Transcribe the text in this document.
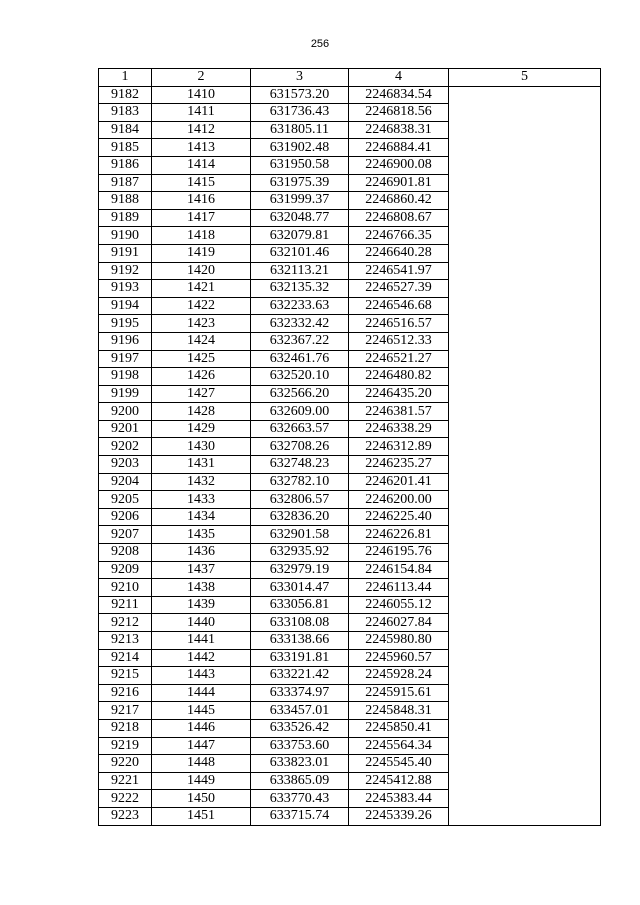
256
1	2	3	4	5
9182	1410	631573.20	2246834.54	
9183	1411	631736.43	2246818.56	
9184	1412	631805.11	2246838.31	
9185	1413	631902.48	2246884.41	
9186	1414	631950.58	2246900.08	
9187	1415	631975.39	2246901.81	
9188	1416	631999.37	2246860.42	
9189	1417	632048.77	2246808.67	
9190	1418	632079.81	2246766.35	
9191	1419	632101.46	2246640.28	
9192	1420	632113.21	2246541.97	
9193	1421	632135.32	2246527.39	
9194	1422	632233.63	2246546.68	
9195	1423	632332.42	2246516.57	
9196	1424	632367.22	2246512.33	
9197	1425	632461.76	2246521.27	
9198	1426	632520.10	2246480.82	
9199	1427	632566.20	2246435.20	
9200	1428	632609.00	2246381.57	
9201	1429	632663.57	2246338.29	
9202	1430	632708.26	2246312.89	
9203	1431	632748.23	2246235.27	
9204	1432	632782.10	2246201.41	
9205	1433	632806.57	2246200.00	
9206	1434	632836.20	2246225.40	
9207	1435	632901.58	2246226.81	
9208	1436	632935.92	2246195.76	
9209	1437	632979.19	2246154.84	
9210	1438	633014.47	2246113.44	
9211	1439	633056.81	2246055.12	
9212	1440	633108.08	2246027.84	
9213	1441	633138.66	2245980.80	
9214	1442	633191.81	2245960.57	
9215	1443	633221.42	2245928.24	
9216	1444	633374.97	2245915.61	
9217	1445	633457.01	2245848.31	
9218	1446	633526.42	2245850.41	
9219	1447	633753.60	2245564.34	
9220	1448	633823.01	2245545.40	
9221	1449	633865.09	2245412.88	
9222	1450	633770.43	2245383.44	
9223	1451	633715.74	2245339.26	
